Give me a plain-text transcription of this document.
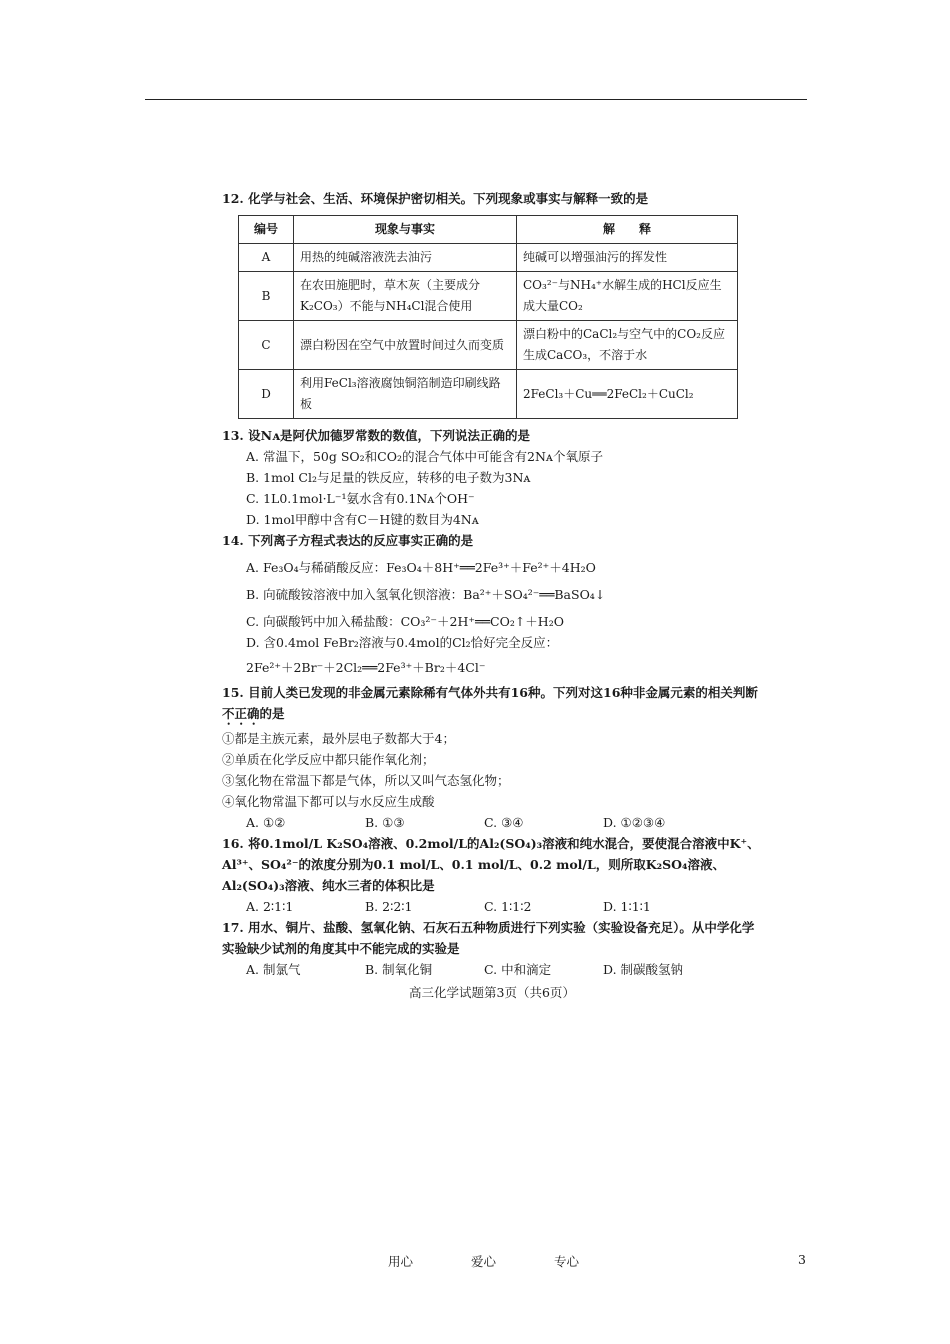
12. 化学与社会、生活、环境保护密切相关。下列现象或事实与解释一致的是
编号	现象与事实	解　　释
A	用热的纯碱溶液洗去油污	纯碱可以增强油污的挥发性
B	在农田施肥时，草木灰（主要成分K₂CO₃）不能与NH₄Cl混合使用	CO₃²⁻与NH₄⁺水解生成的HCl反应生成大量CO₂
C	漂白粉因在空气中放置时间过久而变质	漂白粉中的CaCl₂与空气中的CO₂反应生成CaCO₃，不溶于水
D	利用FeCl₃溶液腐蚀铜箔制造印刷线路板	2FeCl₃＋Cu══2FeCl₂＋CuCl₂
13. 设Nᴀ是阿伏加德罗常数的数值，下列说法正确的是
A. 常温下，50g SO₂和CO₂的混合气体中可能含有2Nᴀ个氧原子
B. 1mol Cl₂与足量的铁反应，转移的电子数为3Nᴀ
C. 1L0.1mol·L⁻¹氨水含有0.1Nᴀ个OH⁻
D. 1mol甲醇中含有C－H键的数目为4Nᴀ
14. 下列离子方程式表达的反应事实正确的是
A. Fe₃O₄与稀硝酸反应：Fe₃O₄＋8H⁺══2Fe³⁺＋Fe²⁺＋4H₂O
B. 向硫酸铵溶液中加入氢氧化钡溶液：Ba²⁺＋SO₄²⁻══BaSO₄↓
C. 向碳酸钙中加入稀盐酸：CO₃²⁻＋2H⁺══CO₂↑＋H₂O
D. 含0.4mol FeBr₂溶液与0.4mol的Cl₂恰好完全反应：
2Fe²⁺＋2Br⁻＋2Cl₂══2Fe³⁺＋Br₂＋4Cl⁻
15. 目前人类已发现的非金属元素除稀有气体外共有16种。下列对这16种非金属元素的相关判断不正确的是
①都是主族元素，最外层电子数都大于4；
②单质在化学反应中都只能作氧化剂；
③氢化物在常温下都是气体，所以又叫气态氢化物；
④氧化物常温下都可以与水反应生成酸
A. ①②	B. ①③	C. ③④	D. ①②③④
16. 将0.1mol/L K₂SO₄溶液、0.2mol/L的Al₂(SO₄)₃溶液和纯水混合，要使混合溶液中K⁺、Al³⁺、SO₄²⁻的浓度分别为0.1 mol/L、0.1 mol/L、0.2 mol/L，则所取K₂SO₄溶液、Al₂(SO₄)₃溶液、纯水三者的体积比是
A. 2∶1∶1	B. 2∶2∶1	C. 1∶1∶2	D. 1∶1∶1
17. 用水、铜片、盐酸、氢氧化钠、石灰石五种物质进行下列实验（实验设备充足）。从中学化学实验缺少试剂的角度其中不能完成的实验是
A. 制氯气	B. 制氧化铜	C. 中和滴定	D. 制碳酸氢钠
高三化学试题第3页（共6页）
用心	爱心	专心	3
